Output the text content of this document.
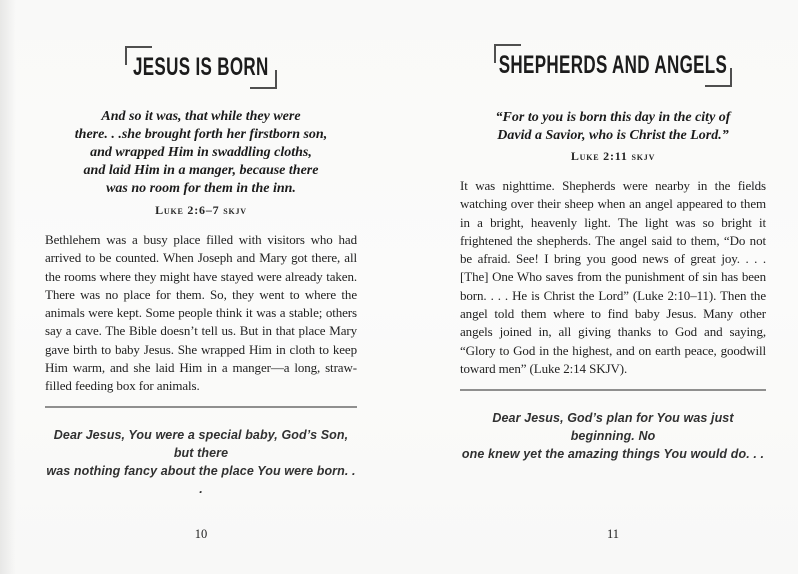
JESUS IS BORN
And so it was, that while they were
there. . .she brought forth her firstborn son,
and wrapped Him in swaddling cloths,
and laid Him in a manger, because there
was no room for them in the inn.
Luke 2:6–7 skjv

Bethlehem was a busy place filled with visitors who had arrived to be counted. When Joseph and Mary got there, all the rooms where they might have stayed were already taken. There was no place for them. So, they went to where the animals were kept. Some people think it was a stable; others say a cave. The Bible doesn’t tell us. But in that place Mary gave birth to baby Jesus. She wrapped Him in cloth to keep Him warm, and she laid Him in a manger—a long, straw-filled feeding box for animals.

Dear Jesus, You were a special baby, God’s Son, but there
was nothing fancy about the place You were born. . .
10
SHEPHERDS AND ANGELS
“For to you is born this day in the city of
David a Savior, who is Christ the Lord.”
Luke 2:11 skjv

It was nighttime. Shepherds were nearby in the fields watching over their sheep when an angel appeared to them in a bright, heavenly light. The light was so bright it frightened the shepherds. The angel said to them, “Do not be afraid. See! I bring you good news of great joy. . . . [The] One Who saves from the punishment of sin has been born. . . . He is Christ the Lord” (Luke 2:10–11). Then the angel told them where to find baby Jesus. Many other angels joined in, all giving thanks to God and saying, “Glory to God in the highest, and on earth peace, goodwill toward men” (Luke 2:14 SKJV).

Dear Jesus, God’s plan for You was just beginning. No
one knew yet the amazing things You would do. . .
11
